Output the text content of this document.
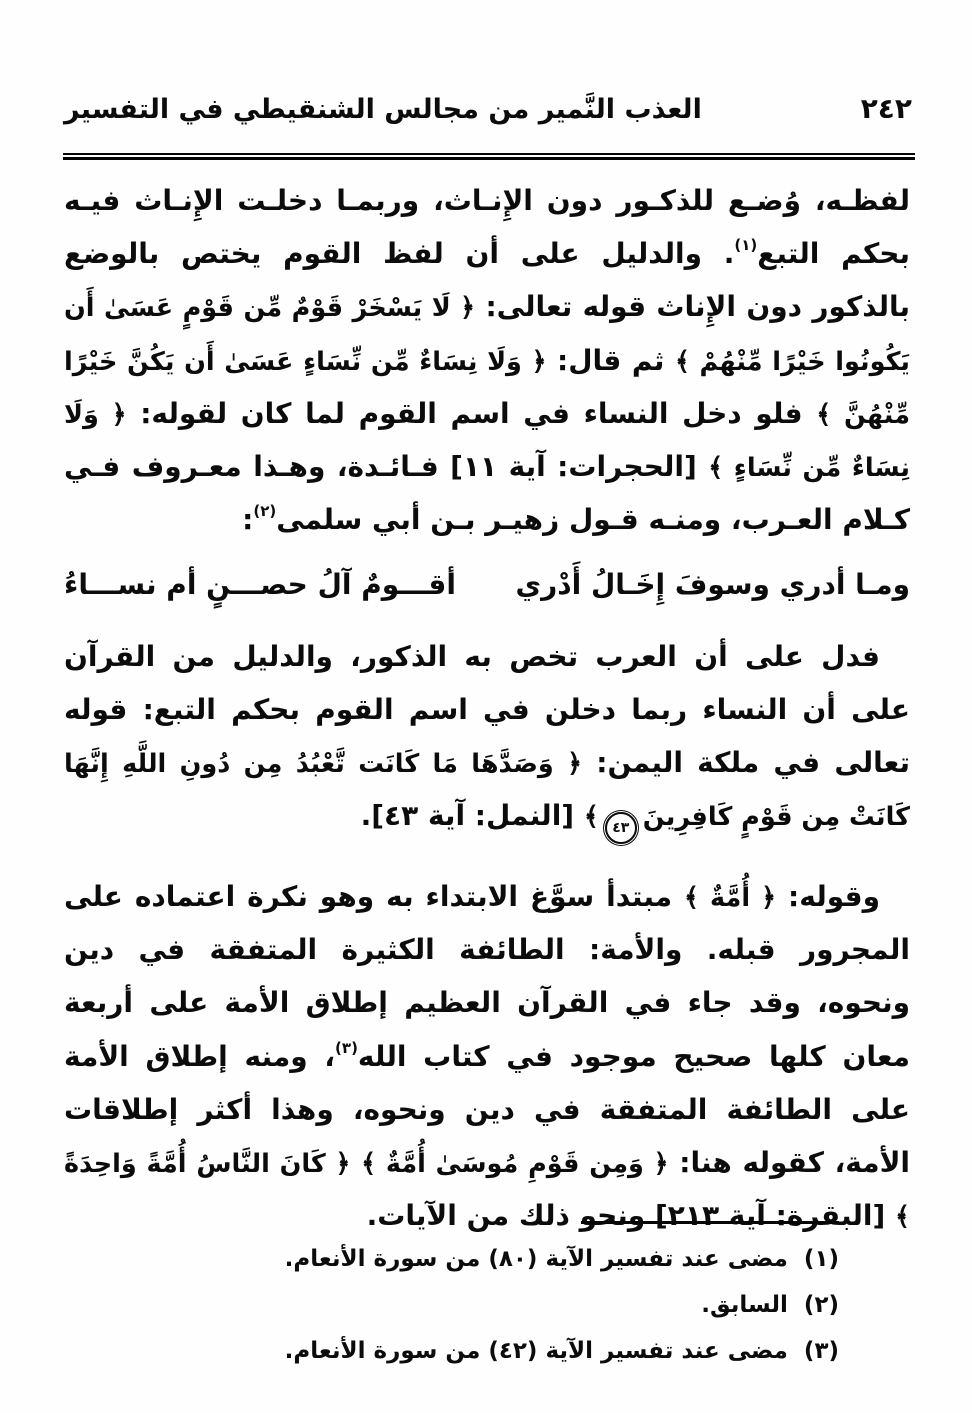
العذب النَّمير من مجالس الشنقيطي في التفسير	٢٤٢

لفظـه، وُضـع للذكـور دون الإِنـاث، وربمـا دخلـت الإِنـاث فيـه بحكم التبع$^{(١)}$. والدليل على أن لفظ القوم يختص بالوضع بالذكور دون الإِناث قوله تعالى: ﴿ لَا يَسْخَرْ قَوْمٌ مِّن قَوْمٍ عَسَىٰ أَن يَكُونُوا خَيْرًا مِّنْهُمْ ﴾ ثم قال: ﴿ وَلَا نِسَاءٌ مِّن نِّسَاءٍ عَسَىٰ أَن يَكُنَّ خَيْرًا مِّنْهُنَّ ﴾ فلو دخل النساء في اسم القوم لما كان لقوله: ﴿ وَلَا نِسَاءٌ مِّن نِّسَاءٍ ﴾ [الحجرات: آية ١١] فـائـدة، وهـذا معـروف فـي كـلام العـرب، ومنـه قـول زهيـر بـن أبي سلمى$^{(٢)}$:

ومـا أدري وسوفَ إِخَـالُ أَدْري
أقـــومٌ آلُ حصـــنٍ أم نســـاءُ

فدل على أن العرب تخص به الذكور، والدليل من القرآن على أن النساء ربما دخلن في اسم القوم بحكم التبع: قوله تعالى في ملكة اليمن: ﴿ وَصَدَّهَا مَا كَانَت تَّعْبُدُ مِن دُونِ اللَّهِ إِنَّهَا كَانَتْ مِن قَوْمٍ كَافِرِينَ٤٣﴾ [النمل: آية ٤٣].

وقوله: ﴿ أُمَّةٌ ﴾ مبتدأ سوَّغ الابتداء به وهو نكرة اعتماده على المجرور قبله. والأمة: الطائفة الكثيرة المتفقة في دين ونحوه، وقد جاء في القرآن العظيم إطلاق الأمة على أربعة معان كلها صحيح موجود في كتاب الله$^{(٣)}$، ومنه إطلاق الأمة على الطائفة المتفقة في دين ونحوه، وهذا أكثر إطلاقات الأمة، كقوله هنا: ﴿ وَمِن قَوْمِ مُوسَىٰ أُمَّةٌ ﴾ ﴿ كَانَ النَّاسُ أُمَّةً وَاحِدَةً ﴾ [البقرة: آية ٢١٣] ونحو ذلك من الآيات.

(١)مضى عند تفسير الآية (٨٠) من سورة الأنعام.
(٢)السابق.
(٣)مضى عند تفسير الآية (٤٢) من سورة الأنعام.
